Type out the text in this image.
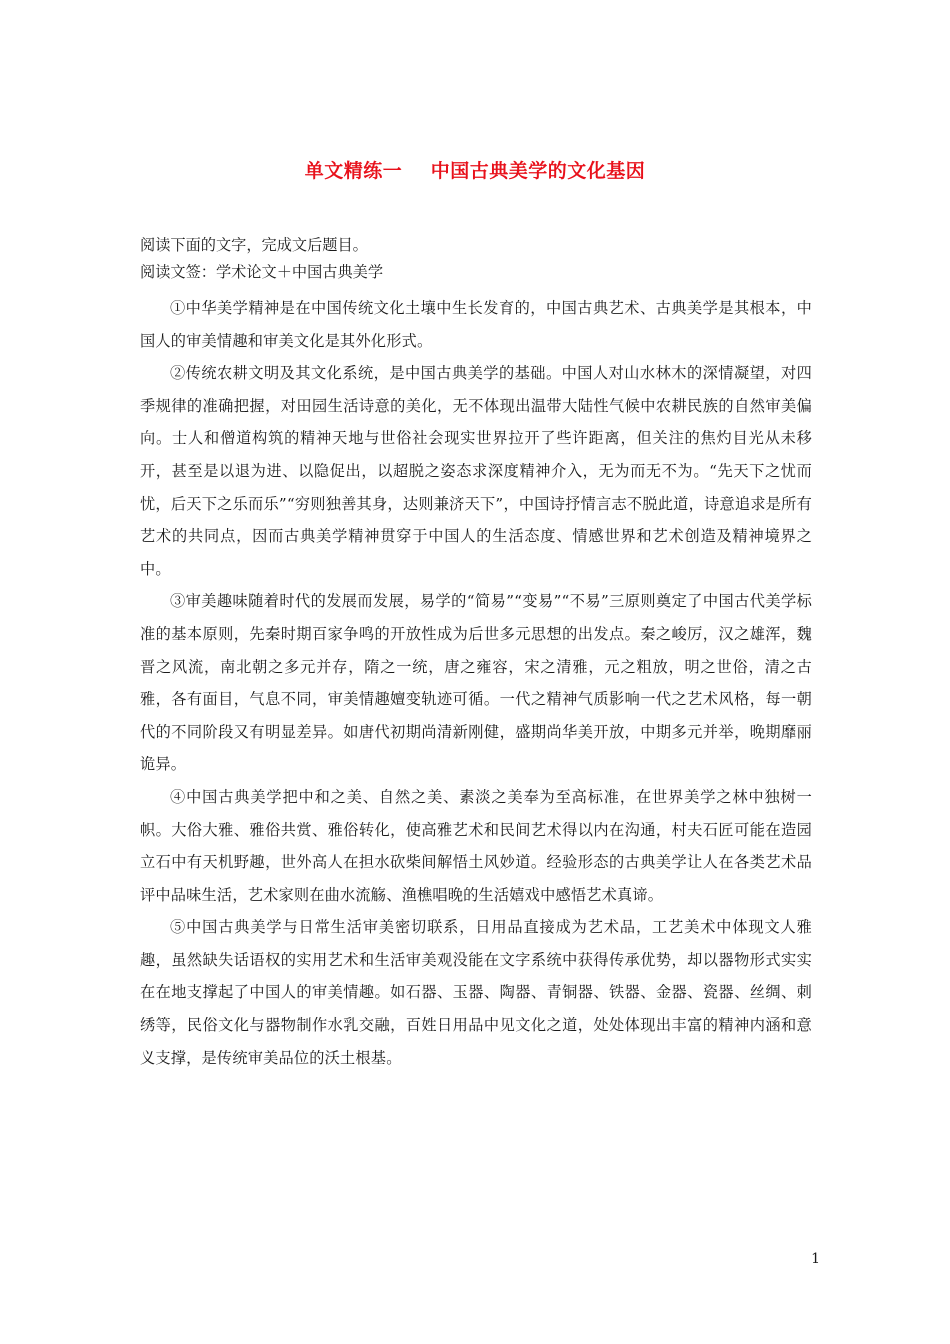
单文精练一    中国古典美学的文化基因

阅读下面的文字，完成文后题目。

阅读文签：学术论文＋中国古典美学

①中华美学精神是在中国传统文化土壤中生长发育的，中国古典艺术、古典美学是其根本，中国人的审美情趣和审美文化是其外化形式。

②传统农耕文明及其文化系统，是中国古典美学的基础。中国人对山水林木的深情凝望，对四季规律的准确把握，对田园生活诗意的美化，无不体现出温带大陆性气候中农耕民族的自然审美偏向。士人和僧道构筑的精神天地与世俗社会现实世界拉开了些许距离，但关注的焦灼目光从未移开，甚至是以退为进、以隐促出，以超脱之姿态求深度精神介入，无为而无不为。“先天下之忧而忧，后天下之乐而乐”“穷则独善其身，达则兼济天下”，中国诗抒情言志不脱此道，诗意追求是所有艺术的共同点，因而古典美学精神贯穿于中国人的生活态度、情感世界和艺术创造及精神境界之中。

③审美趣味随着时代的发展而发展，易学的“简易”“变易”“不易”三原则奠定了中国古代美学标准的基本原则，先秦时期百家争鸣的开放性成为后世多元思想的出发点。秦之峻厉，汉之雄浑，魏晋之风流，南北朝之多元并存，隋之一统，唐之雍容，宋之清雅，元之粗放，明之世俗，清之古雅，各有面目，气息不同，审美情趣嬗变轨迹可循。一代之精神气质影响一代之艺术风格，每一朝代的不同阶段又有明显差异。如唐代初期尚清新刚健，盛期尚华美开放，中期多元并举，晚期靡丽诡异。

④中国古典美学把中和之美、自然之美、素淡之美奉为至高标准，在世界美学之林中独树一帜。大俗大雅、雅俗共赏、雅俗转化，使高雅艺术和民间艺术得以内在沟通，村夫石匠可能在造园立石中有天机野趣，世外高人在担水砍柴间解悟土风妙道。经验形态的古典美学让人在各类艺术品评中品味生活，艺术家则在曲水流觞、渔樵唱晚的生活嬉戏中感悟艺术真谛。

⑤中国古典美学与日常生活审美密切联系，日用品直接成为艺术品，工艺美术中体现文人雅趣，虽然缺失话语权的实用艺术和生活审美观没能在文字系统中获得传承优势，却以器物形式实实在在地支撑起了中国人的审美情趣。如石器、玉器、陶器、青铜器、铁器、金器、瓷器、丝绸、刺绣等，民俗文化与器物制作水乳交融，百姓日用品中见文化之道，处处体现出丰富的精神内涵和意义支撑，是传统审美品位的沃土根基。

1
